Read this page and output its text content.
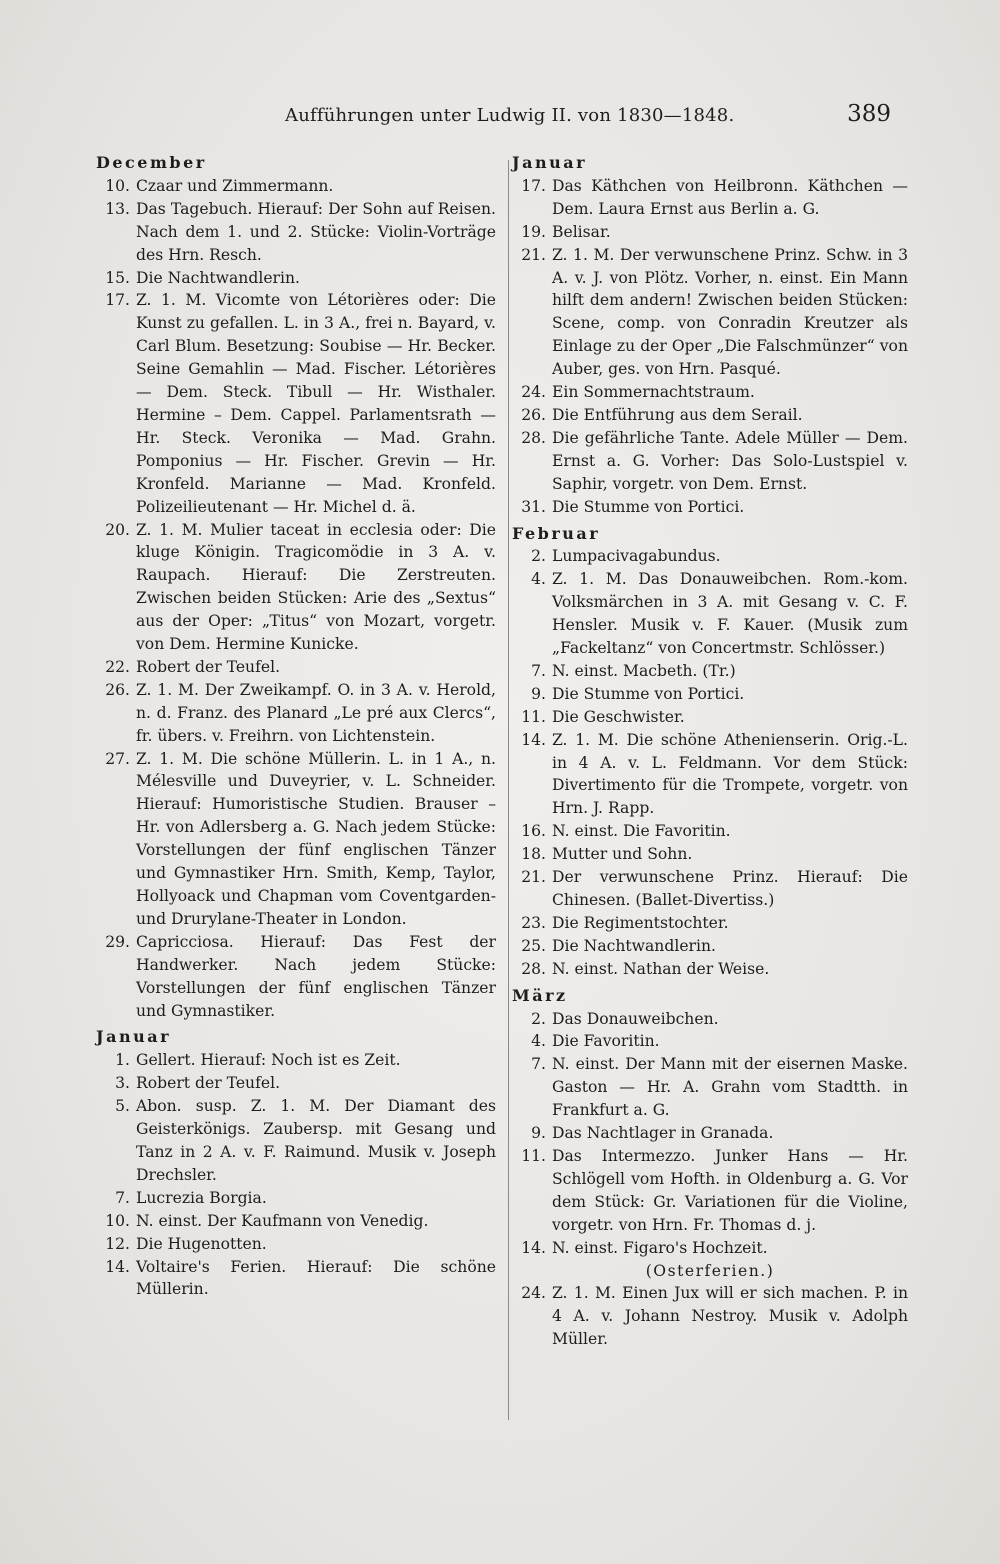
Aufführungen unter Ludwig II. von 1830—1848.	389
December
10. Czaar und Zimmermann.
13. Das Tagebuch. Hierauf: Der Sohn auf Reisen. Nach dem 1. und 2. Stücke: Violin-Vorträge des Hrn. Resch.
15. Die Nachtwandlerin.
17. Z. 1. M. Vicomte von Létorières oder: Die Kunst zu gefallen. L. in 3 A., frei n. Bayard, v. Carl Blum. Besetzung: Soubise — Hr. Becker. Seine Gemahlin — Mad. Fischer. Létorières — Dem. Steck. Tibull — Hr. Wisthaler. Hermine – Dem. Cappel. Parlamentsrath — Hr. Steck. Veronika — Mad. Grahn. Pomponius — Hr. Fischer. Grevin — Hr. Kronfeld. Marianne — Mad. Kronfeld. Polizeilieutenant — Hr. Michel d. ä.
20. Z. 1. M. Mulier taceat in ecclesia oder: Die kluge Königin. Tragicomödie in 3 A. v. Raupach. Hierauf: Die Zerstreuten. Zwischen beiden Stücken: Arie des „Sextus“ aus der Oper: „Titus“ von Mozart, vorgetr. von Dem. Hermine Kunicke.
22. Robert der Teufel.
26. Z. 1. M. Der Zweikampf. O. in 3 A. v. Herold, n. d. Franz. des Planard „Le pré aux Clercs“, fr. übers. v. Freihrn. von Lichtenstein.
27. Z. 1. M. Die schöne Müllerin. L. in 1 A., n. Mélesville und Duveyrier, v. L. Schneider. Hierauf: Humoristische Studien. Brauser – Hr. von Adlersberg a. G. Nach jedem Stücke: Vorstellungen der fünf englischen Tänzer und Gymnastiker Hrn. Smith, Kemp, Taylor, Hollyoack und Chapman vom Coventgarden- und Drurylane-Theater in London.
29. Capricciosa. Hierauf: Das Fest der Handwerker. Nach jedem Stücke: Vorstellungen der fünf englischen Tänzer und Gymnastiker.
Januar
1. Gellert. Hierauf: Noch ist es Zeit.
3. Robert der Teufel.
5. Abon. susp. Z. 1. M. Der Diamant des Geisterkönigs. Zaubersp. mit Gesang und Tanz in 2 A. v. F. Raimund. Musik v. Joseph Drechsler.
7. Lucrezia Borgia.
10. N. einst. Der Kaufmann von Venedig.
12. Die Hugenotten.
14. Voltaire's Ferien. Hierauf: Die schöne Müllerin.
Januar
17. Das Käthchen von Heilbronn. Käthchen — Dem. Laura Ernst aus Berlin a. G.
19. Belisar.
21. Z. 1. M. Der verwunschene Prinz. Schw. in 3 A. v. J. von Plötz. Vorher, n. einst. Ein Mann hilft dem andern! Zwischen beiden Stücken: Scene, comp. von Conradin Kreutzer als Einlage zu der Oper „Die Falschmünzer“ von Auber, ges. von Hrn. Pasqué.
24. Ein Sommernachtstraum.
26. Die Entführung aus dem Serail.
28. Die gefährliche Tante. Adele Müller — Dem. Ernst a. G. Vorher: Das Solo-Lustspiel v. Saphir, vorgetr. von Dem. Ernst.
31. Die Stumme von Portici.
Februar
2. Lumpacivagabundus.
4. Z. 1. M. Das Donauweibchen. Rom.-kom. Volksmärchen in 3 A. mit Gesang v. C. F. Hensler. Musik v. F. Kauer. (Musik zum „Fackeltanz“ von Concertmstr. Schlösser.)
7. N. einst. Macbeth. (Tr.)
9. Die Stumme von Portici.
11. Die Geschwister.
14. Z. 1. M. Die schöne Athenienserin. Orig.-L. in 4 A. v. L. Feldmann. Vor dem Stück: Divertimento für die Trompete, vorgetr. von Hrn. J. Rapp.
16. N. einst. Die Favoritin.
18. Mutter und Sohn.
21. Der verwunschene Prinz. Hierauf: Die Chinesen. (Ballet-Divertiss.)
23. Die Regimentstochter.
25. Die Nachtwandlerin.
28. N. einst. Nathan der Weise.
März
2. Das Donauweibchen.
4. Die Favoritin.
7. N. einst. Der Mann mit der eisernen Maske. Gaston — Hr. A. Grahn vom Stadtth. in Frankfurt a. G.
9. Das Nachtlager in Granada.
11. Das Intermezzo. Junker Hans — Hr. Schlögell vom Hofth. in Oldenburg a. G. Vor dem Stück: Gr. Variationen für die Violine, vorgetr. von Hrn. Fr. Thomas d. j.
14. N. einst. Figaro's Hochzeit.
(Osterferien.)
24. Z. 1. M. Einen Jux will er sich machen. P. in 4 A. v. Johann Nestroy. Musik v. Adolph Müller.
